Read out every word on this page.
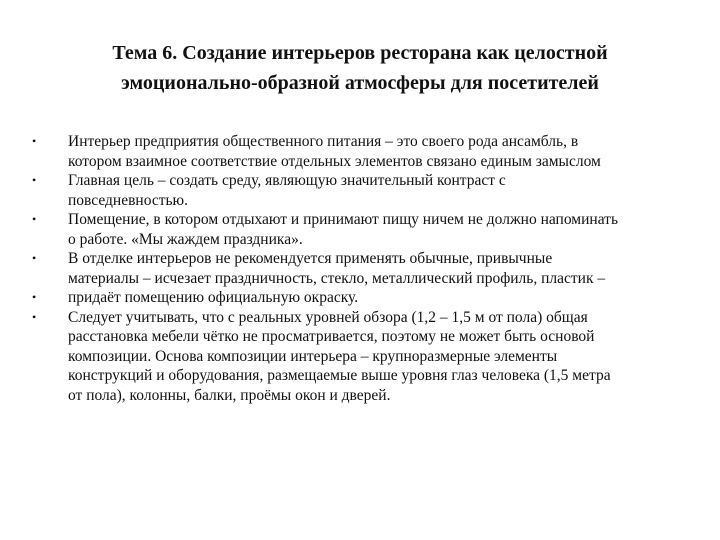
Тема 6. Создание интерьеров ресторана как целостной
эмоционально-образной атмосферы для посетителей
• Интерьер предприятия общественного питания – это своего рода ансамбль, в
котором взаимное соответствие отдельных элементов связано единым замыслом
• Главная цель – создать среду, являющую значительный контраст с
повседневностью.
• Помещение, в котором отдыхают и принимают пищу ничем не должно напоминать
о работе. «Мы жаждем праздника».
• В отделке интерьеров не рекомендуется применять обычные, привычные
материалы – исчезает праздничность, стекло, металлический профиль, пластик –
• придаёт помещению официальную окраску.
• Следует учитывать, что с реальных уровней обзора (1,2 – 1,5 м от пола) общая
расстановка мебели чётко не просматривается, поэтому не может быть основой
композиции. Основа композиции интерьера – крупноразмерные элементы
конструкций и оборудования, размещаемые выше уровня глаз человека (1,5 метра
от пола), колонны, балки, проёмы окон и дверей.
